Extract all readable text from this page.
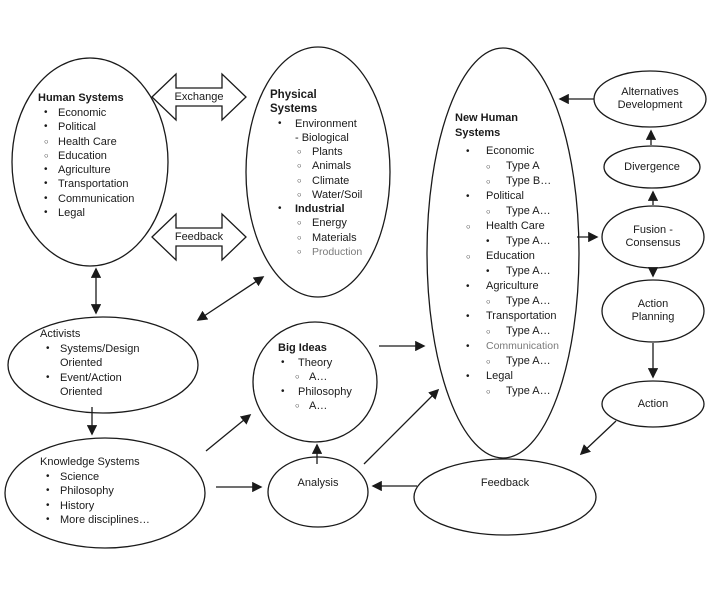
Exchange
Feedback
Human Systems
• Economic
• Political
○ Health Care
○ Education
• Agriculture
• Transportation
• Communication
• Legal
Physical Systems
•	Environment - Biological
○ Plants
○ Animals
○ Climate
○ Water/Soil
•	Industrial
○ Energy
○ Materials
○ Production
Activists
• Systems/Design Oriented
• Event/Action Oriented
Knowledge Systems
• Science
• Philosophy
• History
• More disciplines…
Big Ideas
•	Theory
○ A…
•	Philosophy
○ A…
Analysis
New Human Systems
•	Economic
○	Type A
○	Type B…
•	Political
○	Type A…
○	Health Care
•	Type A…
○	Education
•	Type A…
•	Agriculture
○	Type A…
•	Transportation
○	Type A…
•	Communication
○	Type A…
•	Legal
○	Type A…
Alternatives Development
Divergence
Fusion - Consensus
Action Planning
Action
Feedback
